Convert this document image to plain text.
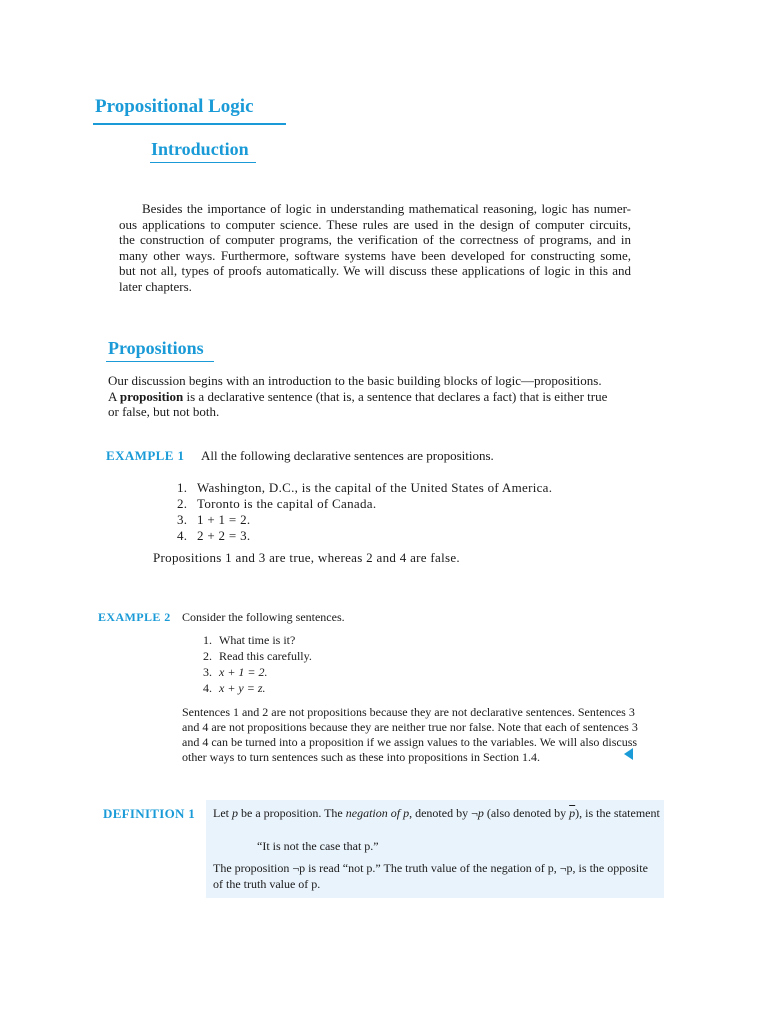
Propositional Logic
Introduction

Besides the importance of logic in understanding mathematical reasoning, logic has numer-
ous applications to computer science. These rules are used in the design of computer circuits,
the construction of computer programs, the verification of the correctness of programs, and in
many other ways. Furthermore, software systems have been developed for constructing some,
but not all, types of proofs automatically. We will discuss these applications of logic in this and
later chapters.

Propositions

Our discussion begins with an introduction to the basic building blocks of logic—propositions.
A proposition is a declarative sentence (that is, a sentence that declares a fact) that is either true
or false, but not both.

EXAMPLE 1 All the following declarative sentences are propositions.
1. Washington, D.C., is the capital of the United States of America.
2. Toronto is the capital of Canada.
3. 1 + 1 = 2.
4. 2 + 2 = 3.
Propositions 1 and 3 are true, whereas 2 and 4 are false.
EXAMPLE 2 Consider the following sentences.
1. What time is it?
2. Read this carefully.
3. x + 1 = 2.
4. x + y = z.

Sentences 1 and 2 are not propositions because they are not declarative sentences. Sentences 3
and 4 are not propositions because they are neither true nor false. Note that each of sentences 3
and 4 can be turned into a proposition if we assign values to the variables. We will also discuss
other ways to turn sentences such as these into propositions in Section 1.4.

DEFINITION 1 Let p be a proposition. The negation of p, denoted by ¬p (also denoted by $\overline{p}$), is the statement
“It is not the case that p.”
The proposition ¬p is read “not p.” The truth value of the negation of p, ¬p, is the opposite
of the truth value of p.
